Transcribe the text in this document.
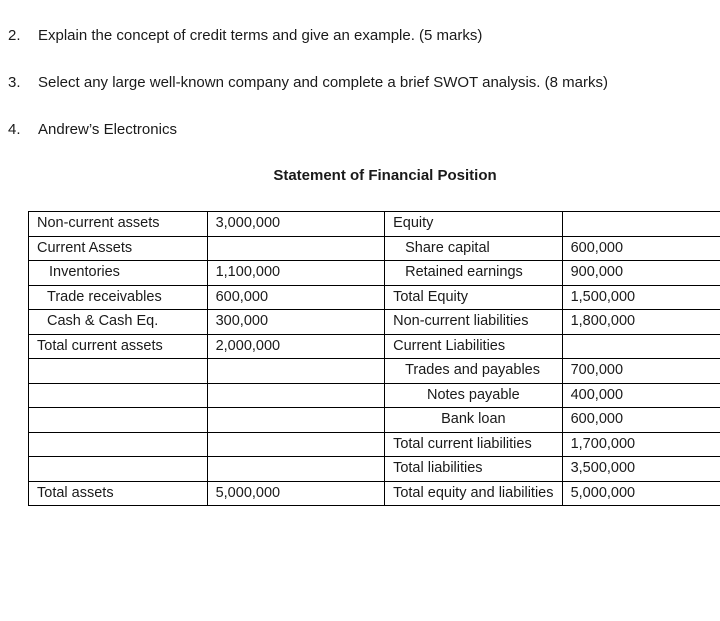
2. Explain the concept of credit terms and give an example. (5 marks)
3. Select any large well-known company and complete a brief SWOT analysis. (8 marks)
4. Andrew’s Electronics
Statement of Financial Position
Non-current assets	3,000,000	Equity	
Current Assets		Share capital	600,000
Inventories	1,100,000	Retained earnings	900,000
Trade receivables	600,000	Total Equity	1,500,000
Cash & Cash Eq.	300,000	Non-current liabilities	1,800,000
Total current assets	2,000,000	Current Liabilities	
		Trades and payables	700,000
		Notes payable	400,000
		Bank loan	600,000
		Total current liabilities	1,700,000
		Total liabilities	3,500,000
Total assets	5,000,000	Total equity and liabilities	5,000,000
